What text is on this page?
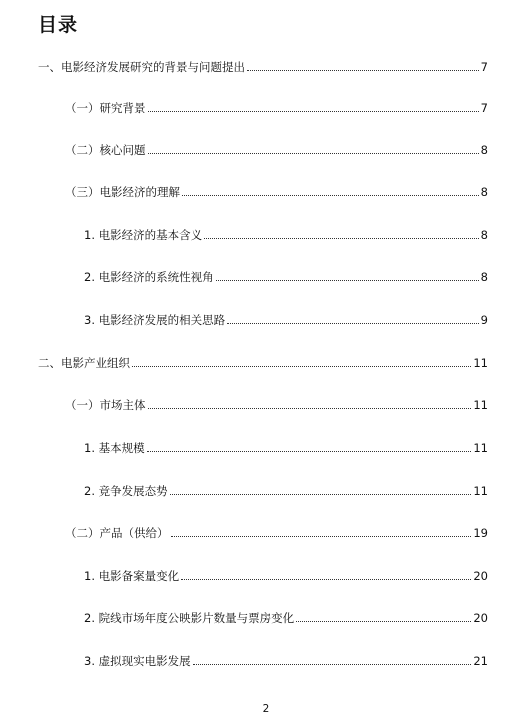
目录
一、电影经济发展研究的背景与问题提出	7
（一）研究背景	7
（二）核心问题	8
（三）电影经济的理解	8
1. 电影经济的基本含义	8
2. 电影经济的系统性视角	8
3. 电影经济发展的相关思路	9
二、电影产业组织	11
（一）市场主体	11
1. 基本规模	11
2. 竞争发展态势	11
（二）产品（供给）	19
1. 电影备案量变化	20
2. 院线市场年度公映影片数量与票房变化	20
3. 虚拟现实电影发展	21
2
